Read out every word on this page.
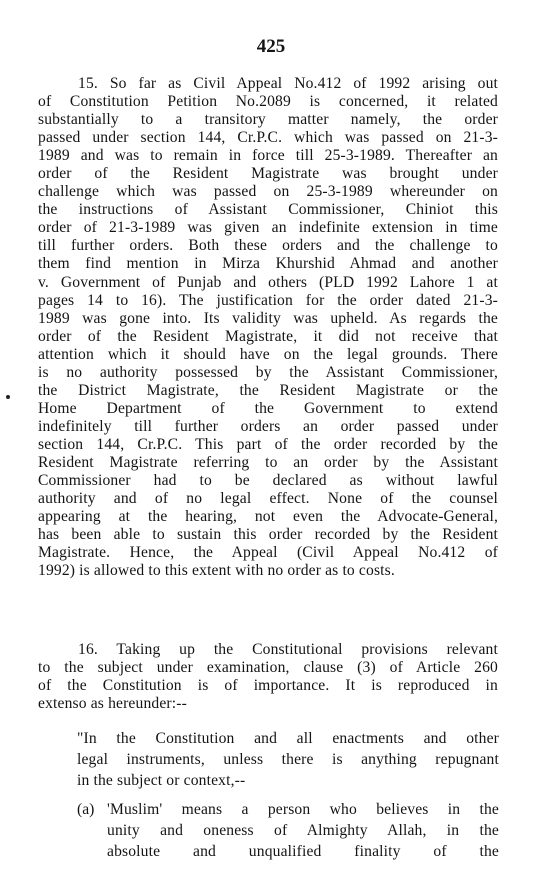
425
15. So far as Civil Appeal No.412 of 1992 arising out
of Constitution Petition No.2089 is concerned, it related
substantially to a transitory matter namely, the order
passed under section 144, Cr.P.C. which was passed on 21-3-
1989 and was to remain in force till 25-3-1989. Thereafter an
order of the Resident Magistrate was brought under
challenge which was passed on 25-3-1989 whereunder on
the instructions of Assistant Commissioner, Chiniot this
order of 21-3-1989 was given an indefinite extension in time
till further orders. Both these orders and the challenge to
them find mention in Mirza Khurshid Ahmad and another
v. Government of Punjab and others (PLD 1992 Lahore 1 at
pages 14 to 16). The justification for the order dated 21-3-
1989 was gone into. Its validity was upheld. As regards the
order of the Resident Magistrate, it did not receive that
attention which it should have on the legal grounds. There
is no authority possessed by the Assistant Commissioner,
the District Magistrate, the Resident Magistrate or the
Home Department of the Government to extend
indefinitely till further orders an order passed under
section 144, Cr.P.C. This part of the order recorded by the
Resident Magistrate referring to an order by the Assistant
Commissioner had to be declared as without lawful
authority and of no legal effect. None of the counsel
appearing at the hearing, not even the Advocate-General,
has been able to sustain this order recorded by the Resident
Magistrate. Hence, the Appeal (Civil Appeal No.412 of
1992) is allowed to this extent with no order as to costs.
16. Taking up the Constitutional provisions relevant
to the subject under examination, clause (3) of Article 260
of the Constitution is of importance. It is reproduced in
extenso as hereunder:--
"In the Constitution and all enactments and other
legal instruments, unless there is anything repugnant
in the subject or context,--
(a) 'Muslim' means a person who believes in the
unity and oneness of Almighty Allah, in the
absolute and unqualified finality of the
